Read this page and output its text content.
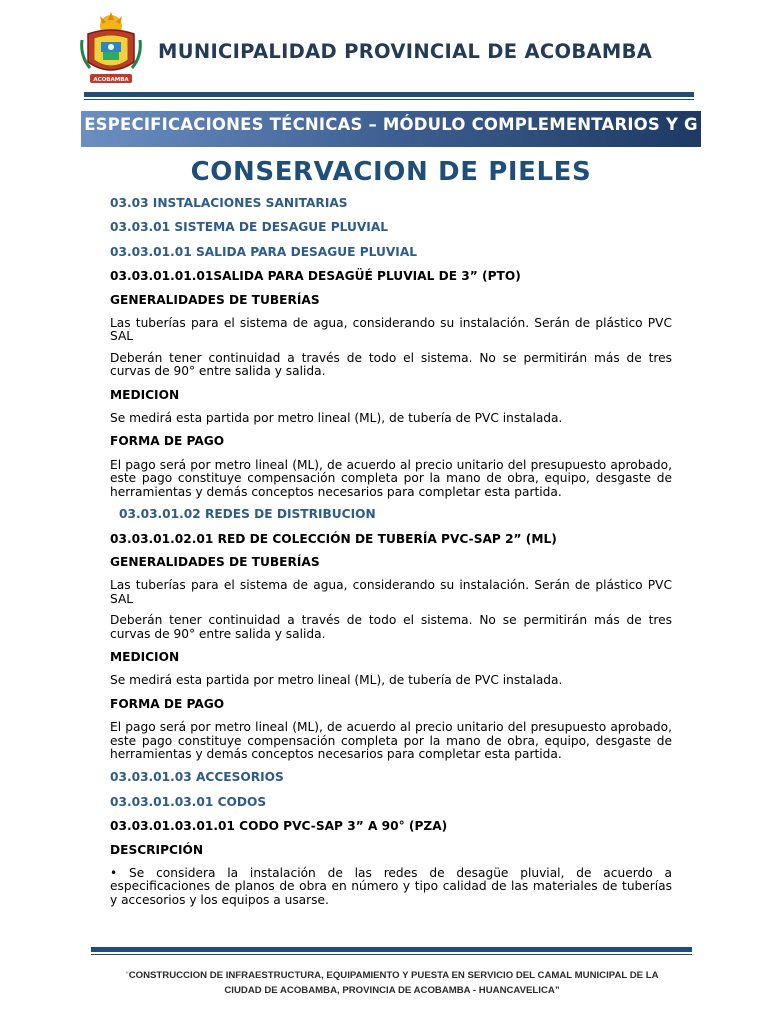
ACOBAMBA
MUNICIPALIDAD PROVINCIAL DE ACOBAMBA
ESPECIFICACIONES TÉCNICAS – MÓDULO COMPLEMENTARIOS Y G
CONSERVACION DE PIELES
03.03 INSTALACIONES SANITARIAS
03.03.01 SISTEMA DE DESAGUE PLUVIAL
03.03.01.01 SALIDA PARA DESAGUE PLUVIAL
03.03.01.01.01SALIDA PARA DESAGÜÉ PLUVIAL DE 3” (PTO)
GENERALIDADES DE TUBERÍAS
Las tuberías para el sistema de agua, considerando su instalación. Serán de plástico PVC SAL
Deberán tener continuidad a través de todo el sistema. No se permitirán más de tres curvas de 90° entre salida y salida.
MEDICION
Se medirá esta partida por metro lineal (ML), de tubería de PVC instalada.
FORMA DE PAGO
El pago será por metro lineal (ML), de acuerdo al precio unitario del presupuesto aprobado, este pago constituye compensación completa por la mano de obra, equipo, desgaste de herramientas y demás conceptos necesarios para completar esta partida.
03.03.01.02 REDES DE DISTRIBUCION
03.03.01.02.01 RED DE COLECCIÓN DE TUBERÍA PVC-SAP 2” (ML)
GENERALIDADES DE TUBERÍAS
Las tuberías para el sistema de agua, considerando su instalación. Serán de plástico PVC SAL
Deberán tener continuidad a través de todo el sistema. No se permitirán más de tres curvas de 90° entre salida y salida.
MEDICION
Se medirá esta partida por metro lineal (ML), de tubería de PVC instalada.
FORMA DE PAGO
El pago será por metro lineal (ML), de acuerdo al precio unitario del presupuesto aprobado, este pago constituye compensación completa por la mano de obra, equipo, desgaste de herramientas y demás conceptos necesarios para completar esta partida.
03.03.01.03 ACCESORIOS
03.03.01.03.01 CODOS
03.03.01.03.01.01 CODO PVC-SAP 3” A 90° (PZA)
DESCRIPCIÓN
• Se considera la instalación de las redes de desagüe pluvial, de acuerdo a especificaciones de planos de obra en número y tipo calidad de las materiales de tuberías y accesorios y los equipos a usarse.
“CONSTRUCCION DE INFRAESTRUCTURA, EQUIPAMIENTO Y PUESTA EN SERVICIO DEL CAMAL MUNICIPAL DE LA
CIUDAD DE ACOBAMBA, PROVINCIA DE ACOBAMBA - HUANCAVELICA”
